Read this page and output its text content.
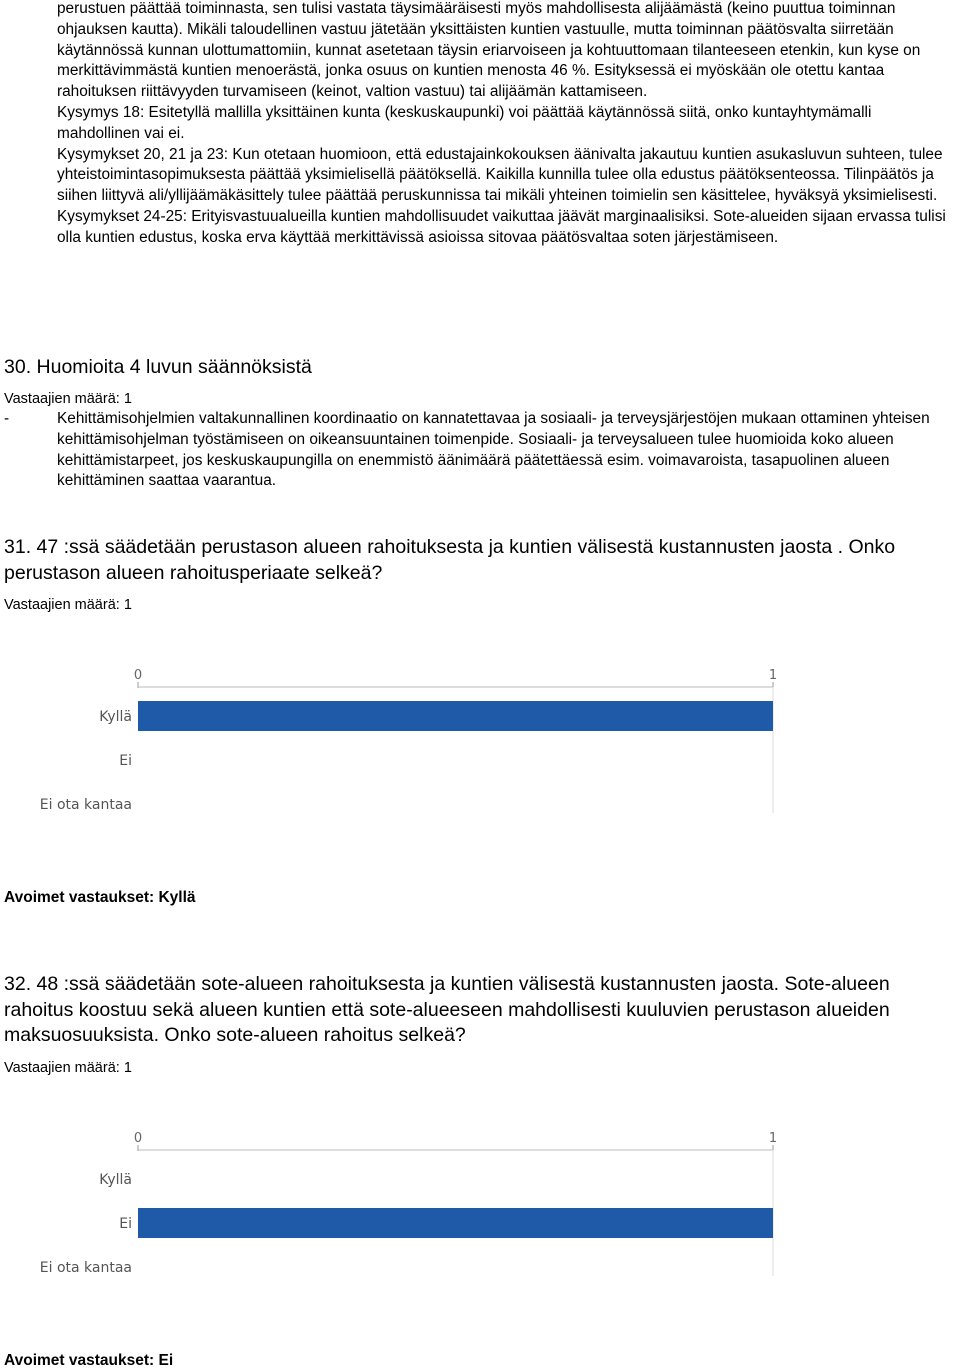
perustuen päättää toiminnasta, sen tulisi vastata täysimääräisesti myös mahdollisesta alijäämästä (keino puuttua toiminnan ohjauksen kautta). Mikäli taloudellinen vastuu jätetään yksittäisten kuntien vastuulle, mutta toiminnan päätösvalta siirretään käytännössä kunnan ulottumattomiin, kunnat asetetaan täysin eriarvoiseen ja kohtuuttomaan tilanteeseen etenkin, kun kyse on merkittävimmästä kuntien menoerästä, jonka osuus on kuntien menosta 46 %. Esityksessä ei myöskään ole otettu kantaa rahoituksen riittävyyden turvamiseen (keinot, valtion vastuu) tai alijäämän kattamiseen.

Kysymys 18: Esitetyllä mallilla yksittäinen kunta (keskuskaupunki) voi päättää käytännössä siitä, onko kuntayhtymämalli mahdollinen vai ei.

Kysymykset 20, 21 ja 23: Kun otetaan huomioon, että edustajainkokouksen äänivalta jakautuu kuntien asukasluvun suhteen, tulee yhteistoimintasopimuksesta päättää yksimielisellä päätöksellä. Kaikilla kunnilla tulee olla edustus päätöksenteossa. Tilinpäätös ja siihen liittyvä ali/yllijäämäkäsittely tulee päättää peruskunnissa tai mikäli yhteinen toimielin sen käsittelee, hyväksyä yksimielisesti.

Kysymykset 24-25: Erityisvastuualueilla kuntien mahdollisuudet vaikuttaa jäävät marginaalisiksi. Sote-alueiden sijaan ervassa tulisi olla kuntien edustus, koska erva käyttää merkittävissä asioissa sitovaa päätösvaltaa soten järjestämiseen.

30. Huomioita 4 luvun säännöksistä
Vastaajien määrä: 1
-	Kehittämisohjelmien valtakunnallinen koordinaatio on kannatettavaa ja sosiaali- ja terveysjärjestöjen mukaan ottaminen yhteisen kehittämisohjelman työstämiseen on oikeansuuntainen toimenpide. Sosiaali- ja terveysalueen tulee huomioida koko alueen kehittämistarpeet, jos keskuskaupungilla on enemmistö äänimäärä päätettäessä esim. voimavaroista, tasapuolinen alueen kehittäminen saattaa vaarantua.
31. 47 :ssä säädetään perustason alueen rahoituksesta ja kuntien välisestä kustannusten jaosta . Onko perustason alueen rahoitusperiaate selkeä?
Vastaajien määrä: 1
0	1
Kyllä
Ei
Ei ota kantaa
Avoimet vastaukset: Kyllä
32. 48 :ssä säädetään sote-alueen rahoituksesta ja kuntien välisestä kustannusten jaosta. Sote-alueen rahoitus koostuu sekä alueen kuntien että sote-alueeseen mahdollisesti kuuluvien perustason alueiden maksuosuuksista. Onko sote-alueen rahoitus selkeä?
Vastaajien määrä: 1
0	1
Kyllä
Ei
Ei ota kantaa
Avoimet vastaukset: Ei
